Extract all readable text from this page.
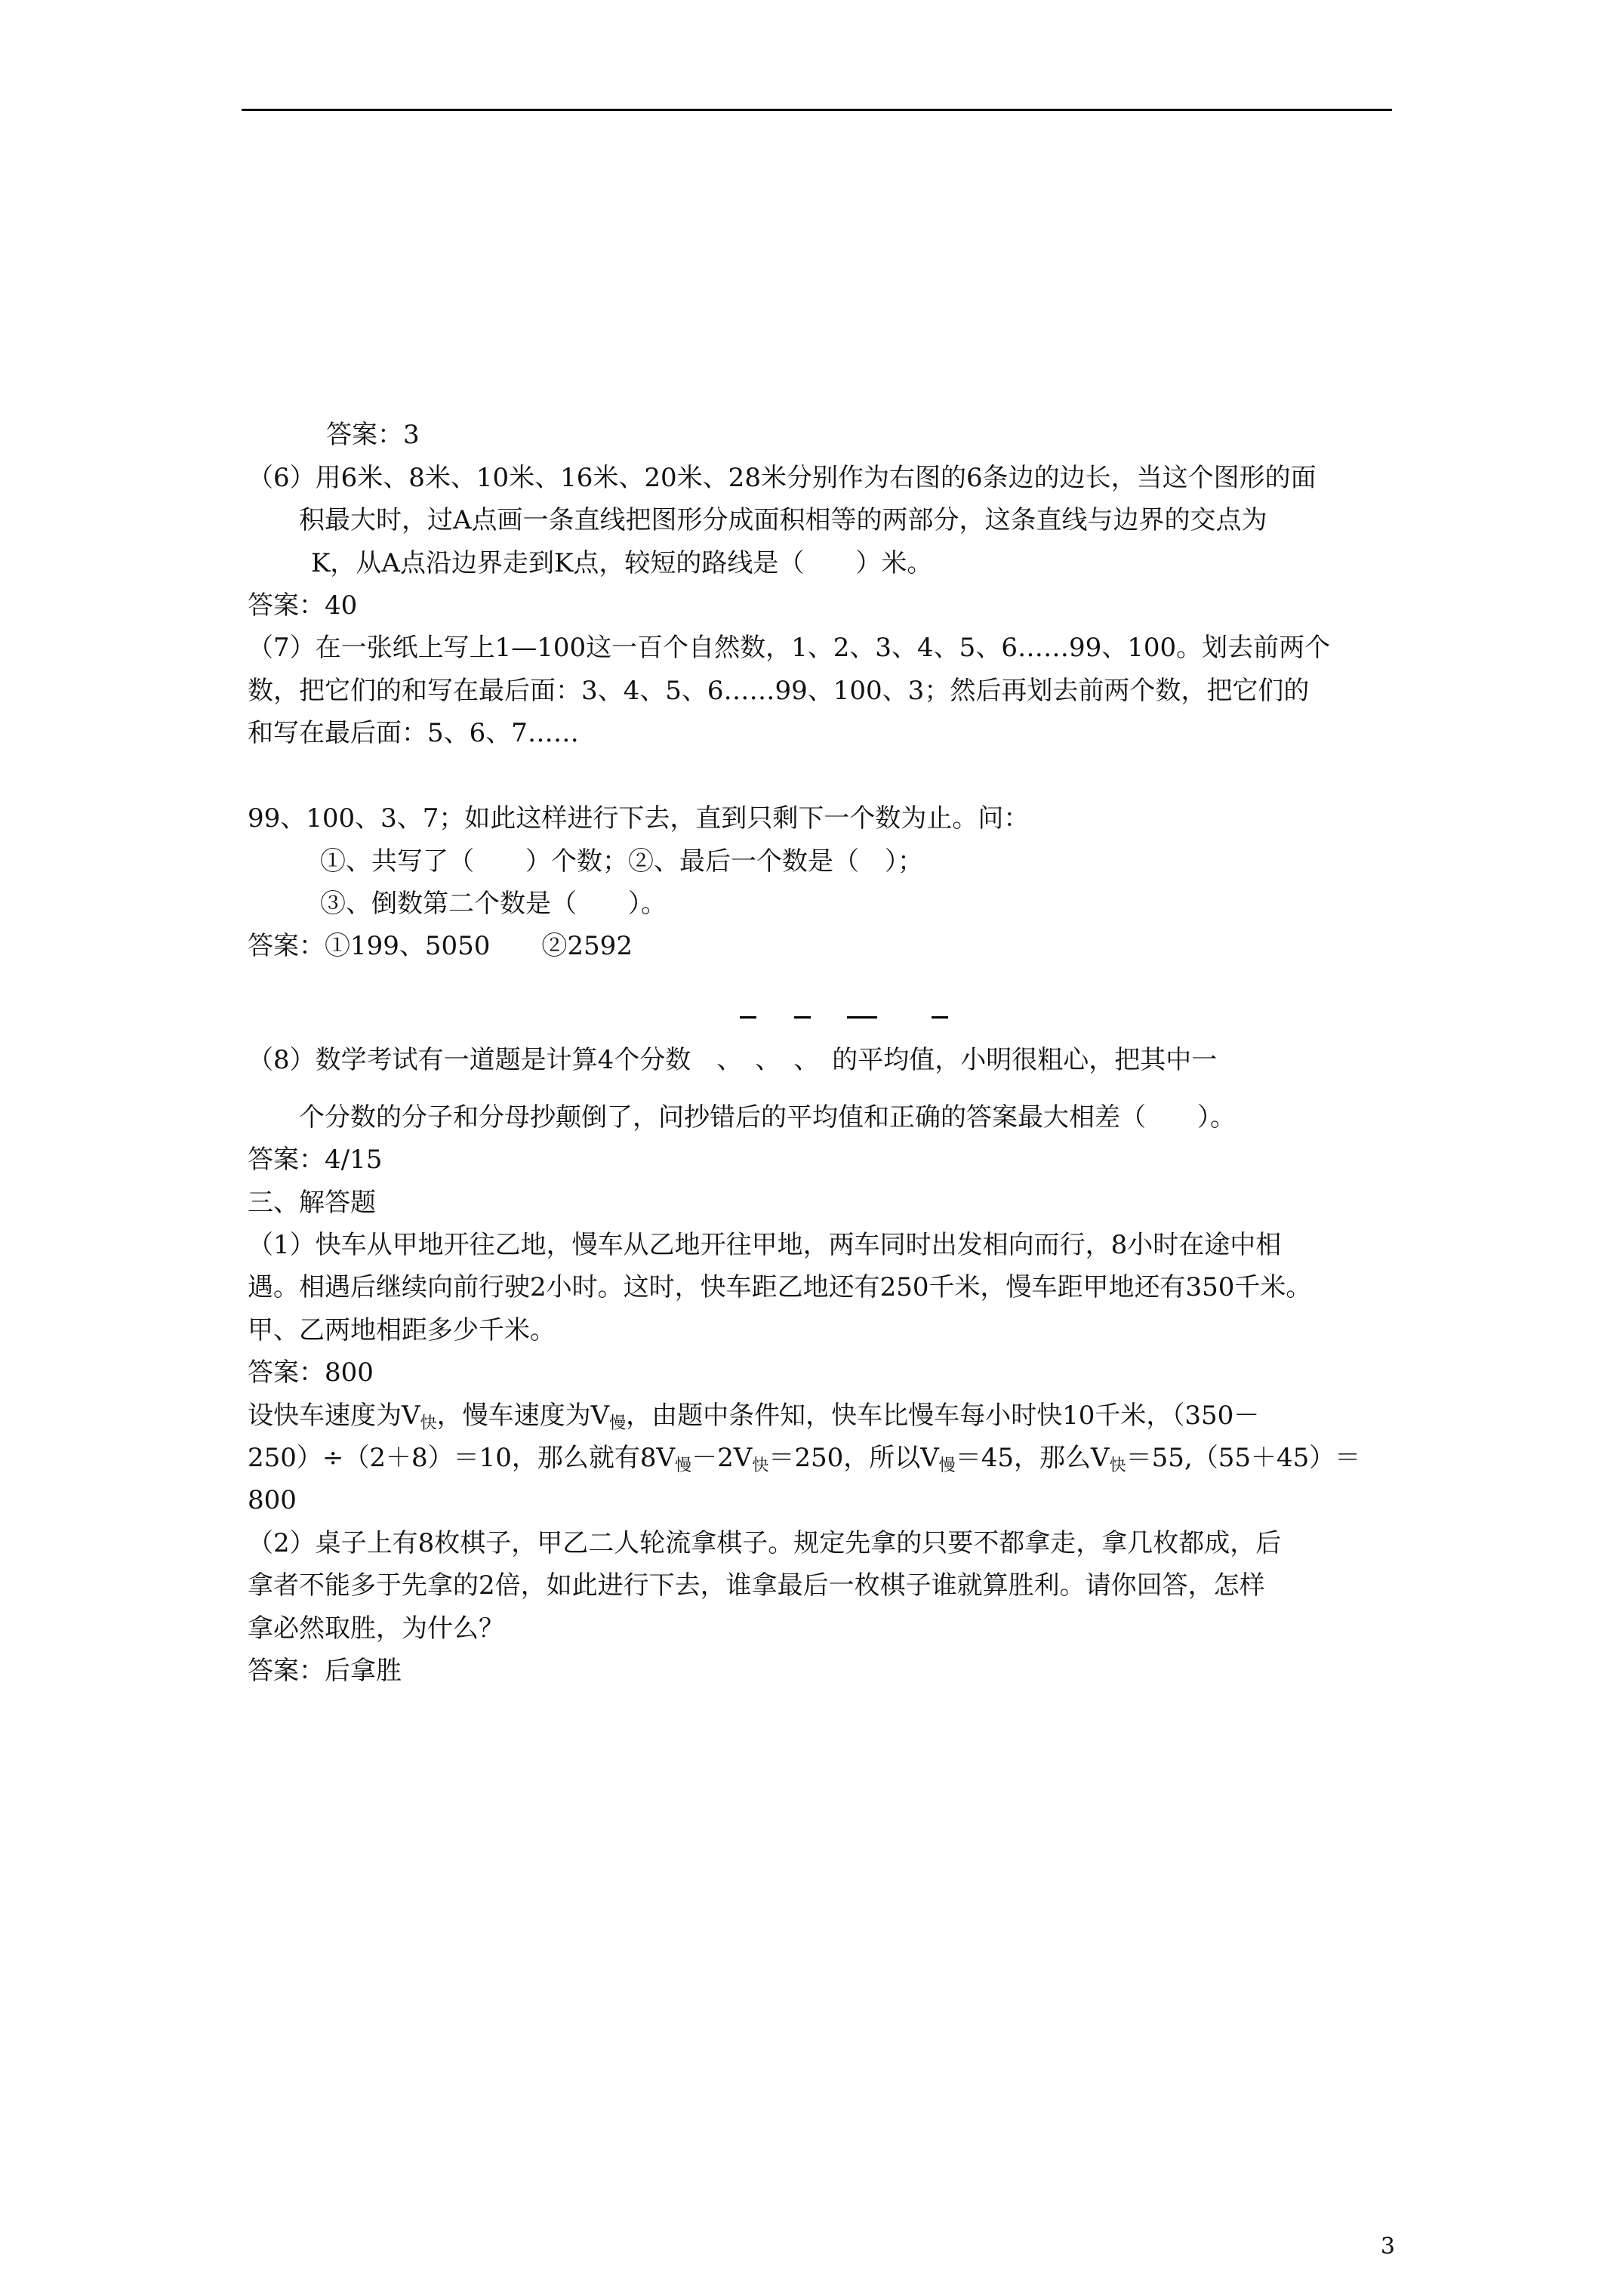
答案：3
（6）用6米、8米、10米、16米、20米、28米分别作为右图的6条边的边长，当这个图形的面
积最大时，过A点画一条直线把图形分成面积相等的两部分，这条直线与边界的交点为
K，从A点沿边界走到K点，较短的路线是（　　）米。
答案：40
（7）在一张纸上写上1—100这一百个自然数，1、2、3、4、5、6……99、100。划去前两个
数，把它们的和写在最后面：3、4、5、6……99、100、3；然后再划去前两个数，把它们的
和写在最后面：5、6、7……
99、100、3、7；如此这样进行下去，直到只剩下一个数为止。问：
①、共写了（　　）个数；②、最后一个数是（　）；
③、倒数第二个数是（　　）。
答案：①199、5050　　②2592
（8）数学考试有一道题是计算4个分数　、　、　、　的平均值，小明很粗心，把其中一
个分数的分子和分母抄颠倒了，问抄错后的平均值和正确的答案最大相差（　　）。
答案：4/15
三、解答题
（1）快车从甲地开往乙地，慢车从乙地开往甲地，两车同时出发相向而行，8小时在途中相
遇。相遇后继续向前行驶2小时。这时，快车距乙地还有250千米，慢车距甲地还有350千米。
甲、乙两地相距多少千米。
答案：800
设快车速度为$V_快$，慢车速度为$V_慢$，由题中条件知，快车比慢车每小时快10千米，（350－
250）÷（2＋8）＝10，那么就有$8V_慢-2V_快=250$，所以$V_慢=45$，那么$V_快=55,(55+45)=$
800
（2）桌子上有8枚棋子，甲乙二人轮流拿棋子。规定先拿的只要不都拿走，拿几枚都成，后
拿者不能多于先拿的2倍，如此进行下去，谁拿最后一枚棋子谁就算胜利。请你回答，怎样
拿必然取胜，为什么？
答案：后拿胜
3
